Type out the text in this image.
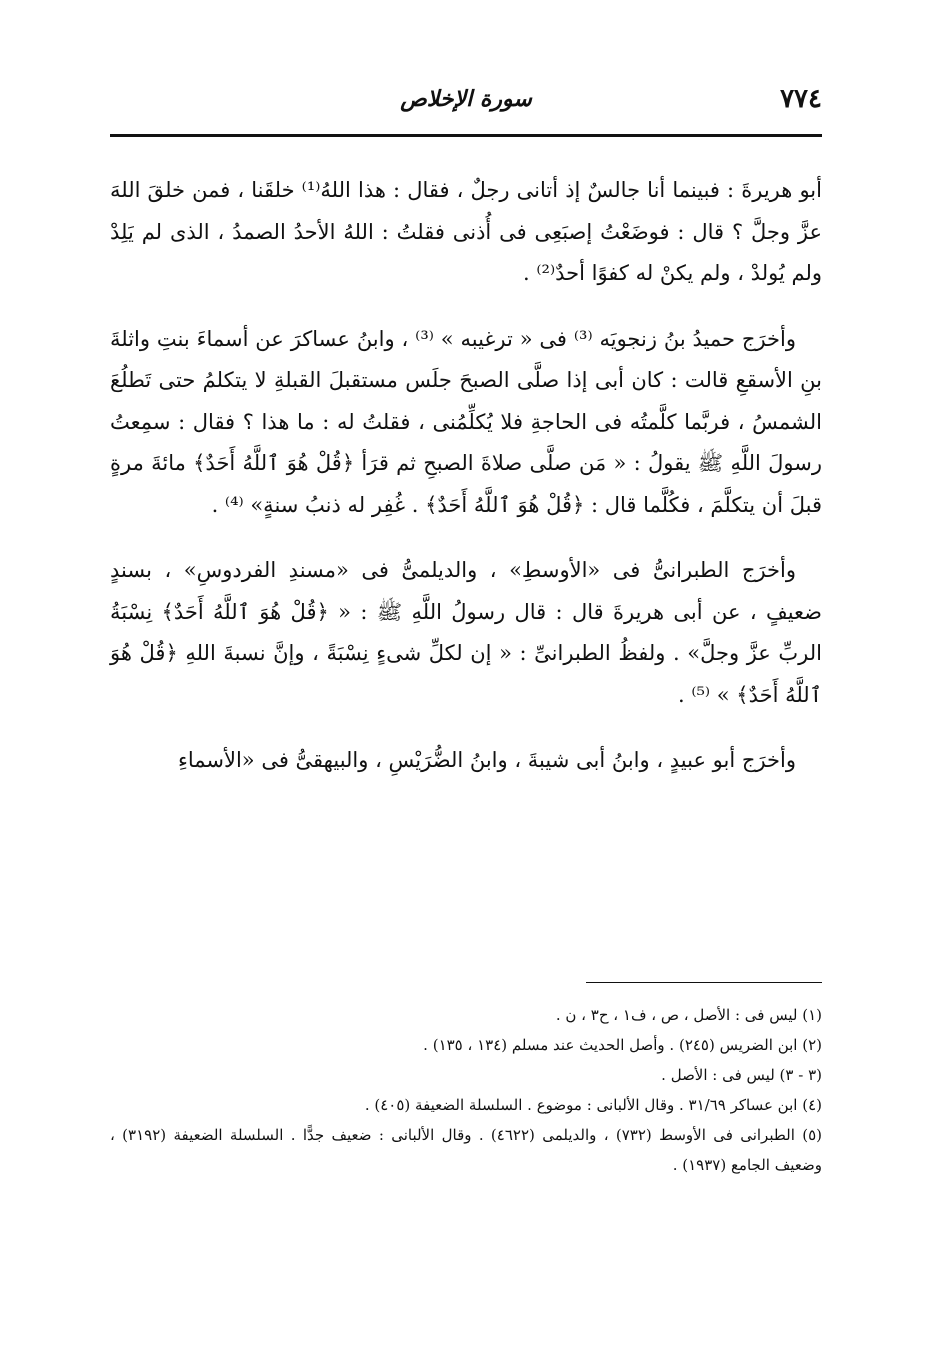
٧٧٤
سورة الإخلاص

أبو هريرةَ : فبينما أنا جالسٌ إذ أتانى رجلٌ ، فقال : هذا اللهُ⁽¹⁾ خلقَنا ، فمن خلقَ اللهَ عزَّ وجلَّ ؟ قال : فوضَعْتُ إصبَعِى فى أُذنى فقلتُ : اللهُ الأحدُ الصمدُ ، الذى لم يَلِدْ ولم يُولدْ ، ولم يكنْ له كفوًا أحدٌ⁽²⁾ .

وأخرَج حميدُ بنُ زنجويَه ⁽³⁾ فى « ترغيبه » ⁽³⁾ ، وابنُ عساكرَ عن أسماءَ بنتِ واثلةَ بنِ الأسقعِ قالت : كان أبى إذا صلَّى الصبحَ جلَس مستقبلَ القبلةِ لا يتكلمُ حتى تَطلُعَ الشمسُ ، فربَّما كلَّمتُه فى الحاجةِ فلا يُكلِّمُنى ، فقلتُ له : ما هذا ؟ فقال : سمِعتُ رسولَ اللَّهِ ﷺ يقولُ : « مَن صلَّى صلاةَ الصبحِ ثم قرَأ ﴿قُلْ هُوَ ٱللَّهُ أَحَدٌ﴾ مائةَ مرةٍ قبلَ أن يتكلَّمَ ، فكُلَّما قال : ﴿قُلْ هُوَ ٱللَّهُ أَحَدٌ﴾ . غُفِر له ذنبُ سنةٍ» ⁽⁴⁾ .

وأخرَج الطبرانىُّ فى «الأوسطِ» ، والديلمىُّ فى «مسندِ الفردوسِ» ، بسندٍ ضعيفٍ ، عن أبى هريرةَ قال : قال رسولُ اللَّهِ ﷺ : « ﴿قُلْ هُوَ ٱللَّهُ أَحَدٌ﴾ نِسْبَةُ الربِّ عزَّ وجلَّ» . ولفظُ الطبرانىِّ : « إن لكلِّ شىءٍ نِسْبَةً ، وإنَّ نسبةَ اللهِ ﴿قُلْ هُوَ ٱللَّهُ أَحَدٌ﴾ » ⁽⁵⁾ .

وأخرَج أبو عبيدٍ ، وابنُ أبى شيبةَ ، وابنُ الضُّرَيْسِ ، والبيهقىُّ فى «الأسماءِ

(١) ليس فى : الأصل ، ص ، ف١ ، ح٣ ، ن .

(٢) ابن الضريس (٢٤٥) . وأصل الحديث عند مسلم (١٣٤ ، ١٣٥) .

(٣ - ٣) ليس فى : الأصل .

(٤) ابن عساكر ٣١/٦٩ . وقال الألبانى : موضوع . السلسلة الضعيفة (٤٠٥) .

(٥) الطبرانى فى الأوسط (٧٣٢) ، والديلمى (٤٦٢٢) . وقال الألبانى : ضعيف جدًّا . السلسلة الضعيفة (٣١٩٢) ، وضعيف الجامع (١٩٣٧) .
